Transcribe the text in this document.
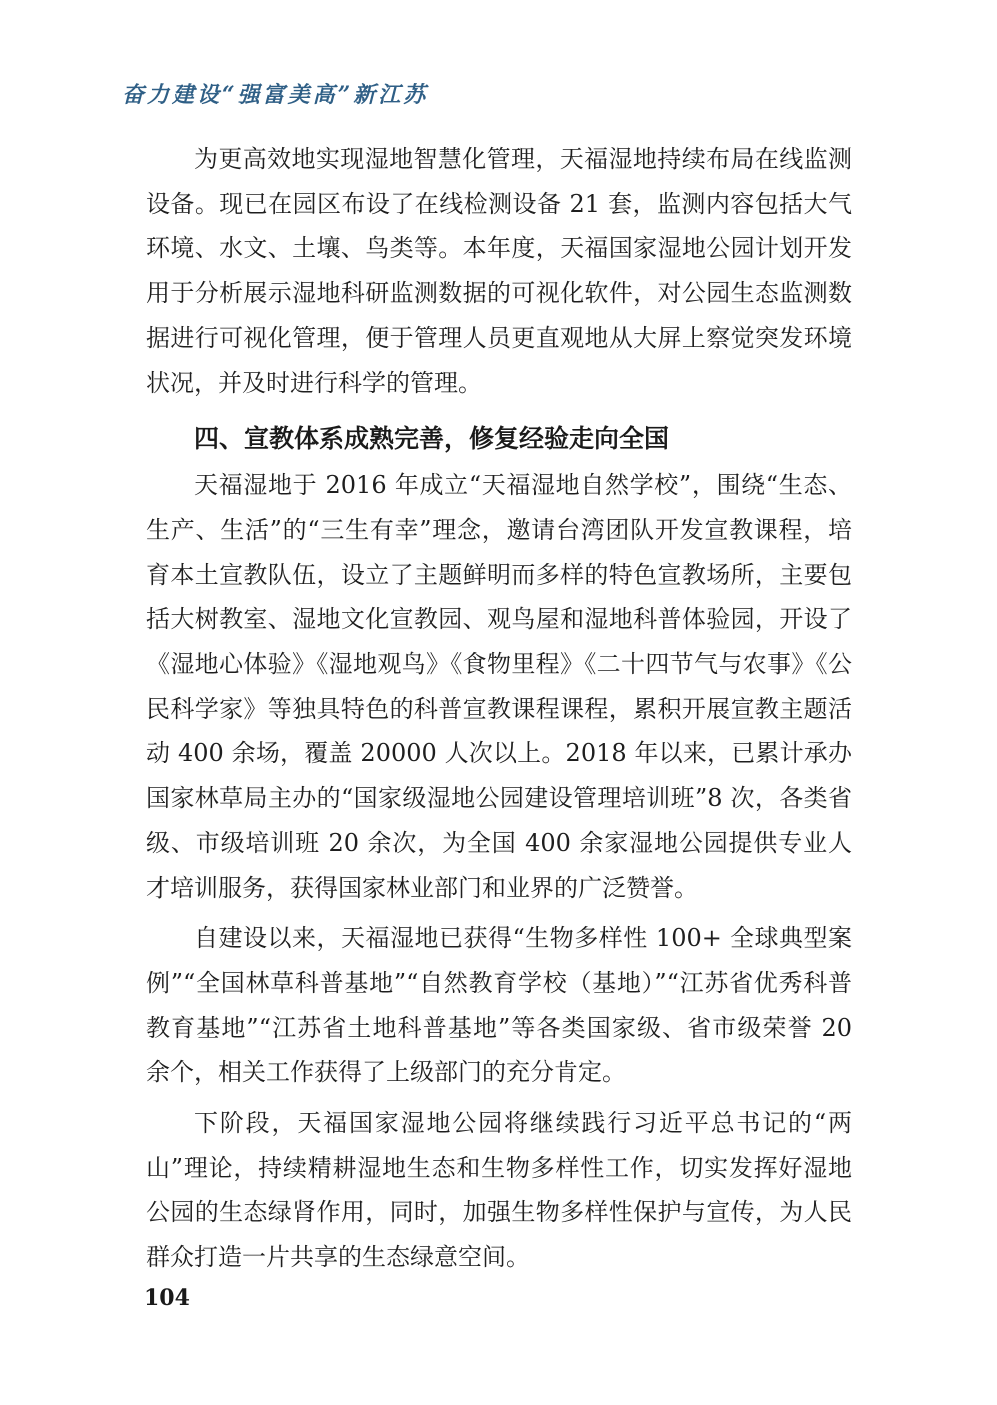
奋力建设“强富美高”新江苏

为更高效地实现湿地智慧化管理，天福湿地持续布局在线监测设备。现已在园区布设了在线检测设备 21 套，监测内容包括大气环境、水文、土壤、鸟类等。本年度，天福国家湿地公园计划开发用于分析展示湿地科研监测数据的可视化软件，对公园生态监测数据进行可视化管理，便于管理人员更直观地从大屏上察觉突发环境状况，并及时进行科学的管理。

四、宣教体系成熟完善，修复经验走向全国

天福湿地于 2016 年成立“天福湿地自然学校”，围绕“生态、生产、生活”的“三生有幸”理念，邀请台湾团队开发宣教课程，培育本土宣教队伍，设立了主题鲜明而多样的特色宣教场所，主要包括大树教室、湿地文化宣教园、观鸟屋和湿地科普体验园，开设了《湿地心体验》《湿地观鸟》《食物里程》《二十四节气与农事》《公民科学家》等独具特色的科普宣教课程课程，累积开展宣教主题活动 400 余场，覆盖 20000 人次以上。2018 年以来，已累计承办国家林草局主办的“国家级湿地公园建设管理培训班”8 次，各类省级、市级培训班 20 余次，为全国 400 余家湿地公园提供专业人才培训服务，获得国家林业部门和业界的广泛赞誉。

自建设以来，天福湿地已获得“生物多样性 100+ 全球典型案例”“全国林草科普基地”“自然教育学校（基地）”“江苏省优秀科普教育基地”“江苏省土地科普基地”等各类国家级、省市级荣誉 20 余个，相关工作获得了上级部门的充分肯定。

下阶段，天福国家湿地公园将继续践行习近平总书记的“两山”理论，持续精耕湿地生态和生物多样性工作，切实发挥好湿地公园的生态绿肾作用，同时，加强生物多样性保护与宣传，为人民群众打造一片共享的生态绿意空间。

104
